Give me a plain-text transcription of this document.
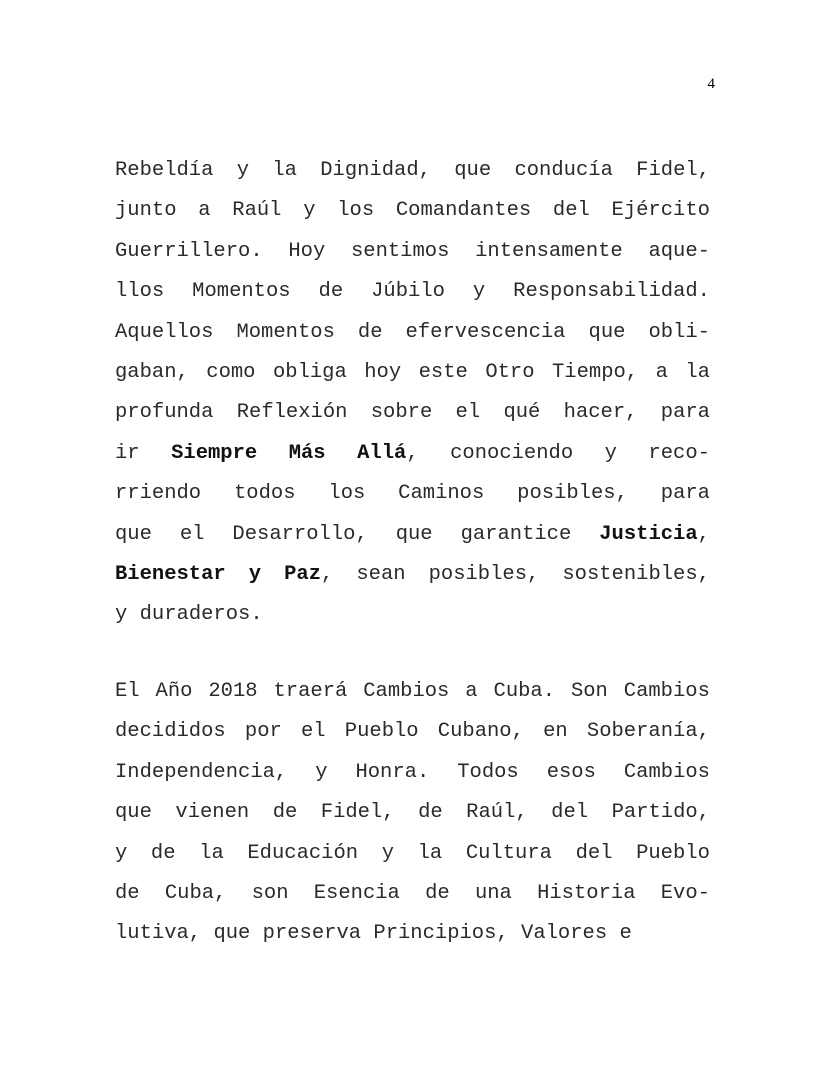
4
Rebeldía y la Dignidad, que conducía Fidel,
junto a Raúl y los Comandantes del Ejército
Guerrillero. Hoy sentimos intensamente aque-
llos Momentos de Júbilo y Responsabilidad.
Aquellos Momentos de efervescencia que obli-
gaban, como obliga hoy este Otro Tiempo, a la
profunda Reflexión sobre el qué hacer, para
ir Siempre Más Allá, conociendo y reco-
rriendo todos los Caminos posibles, para
que el Desarrollo, que garantice Justicia,
Bienestar y Paz, sean posibles, sostenibles,
y duraderos.
El Año 2018 traerá Cambios a Cuba. Son Cambios
decididos por el Pueblo Cubano, en Soberanía,
Independencia, y Honra. Todos esos Cambios
que vienen de Fidel, de Raúl, del Partido,
y de la Educación y la Cultura del Pueblo
de Cuba, son Esencia de una Historia Evo-
lutiva, que preserva Principios, Valores e
